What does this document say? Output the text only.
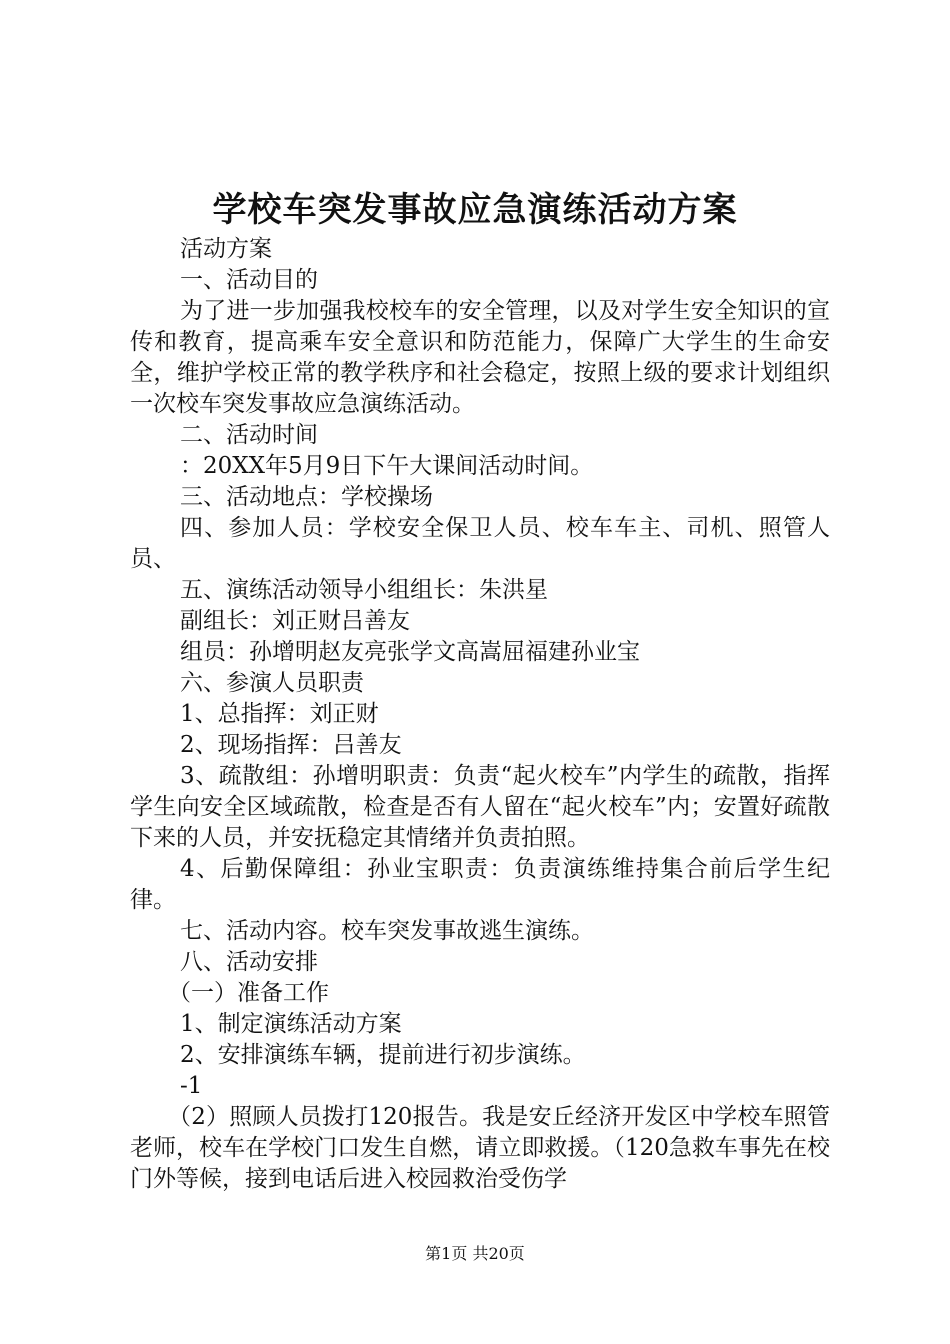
学校车突发事故应急演练活动方案

活动方案

一、活动目的

为了进一步加强我校校车的安全管理，以及对学生安全知识的宣传和教育，提高乘车安全意识和防范能力，保障广大学生的生命安全，维护学校正常的教学秩序和社会稳定，按照上级的要求计划组织一次校车突发事故应急演练活动。

二、活动时间

：20XX年5月9日下午大课间活动时间。

三、活动地点：学校操场

四、参加人员：学校安全保卫人员、校车车主、司机、照管人员、

五、演练活动领导小组组长：朱洪星

副组长：刘正财吕善友

组员：孙增明赵友亮张学文高嵩屈福建孙业宝

六、参演人员职责

1、总指挥：刘正财

2、现场指挥：吕善友

3、疏散组：孙增明职责：负责“起火校车”内学生的疏散，指挥学生向安全区域疏散，检查是否有人留在“起火校车”内；安置好疏散下来的人员，并安抚稳定其情绪并负责拍照。

4、后勤保障组：孙业宝职责：负责演练维持集合前后学生纪律。

七、活动内容。校车突发事故逃生演练。

八、活动安排

（一）准备工作

1、制定演练活动方案

2、安排演练车辆，提前进行初步演练。

-1

（2）照顾人员拨打120报告。我是安丘经济开发区中学校车照管老师，校车在学校门口发生自燃，请立即救援。（120急救车事先在校门外等候，接到电话后进入校园救治受伤学

第1页 共20页
